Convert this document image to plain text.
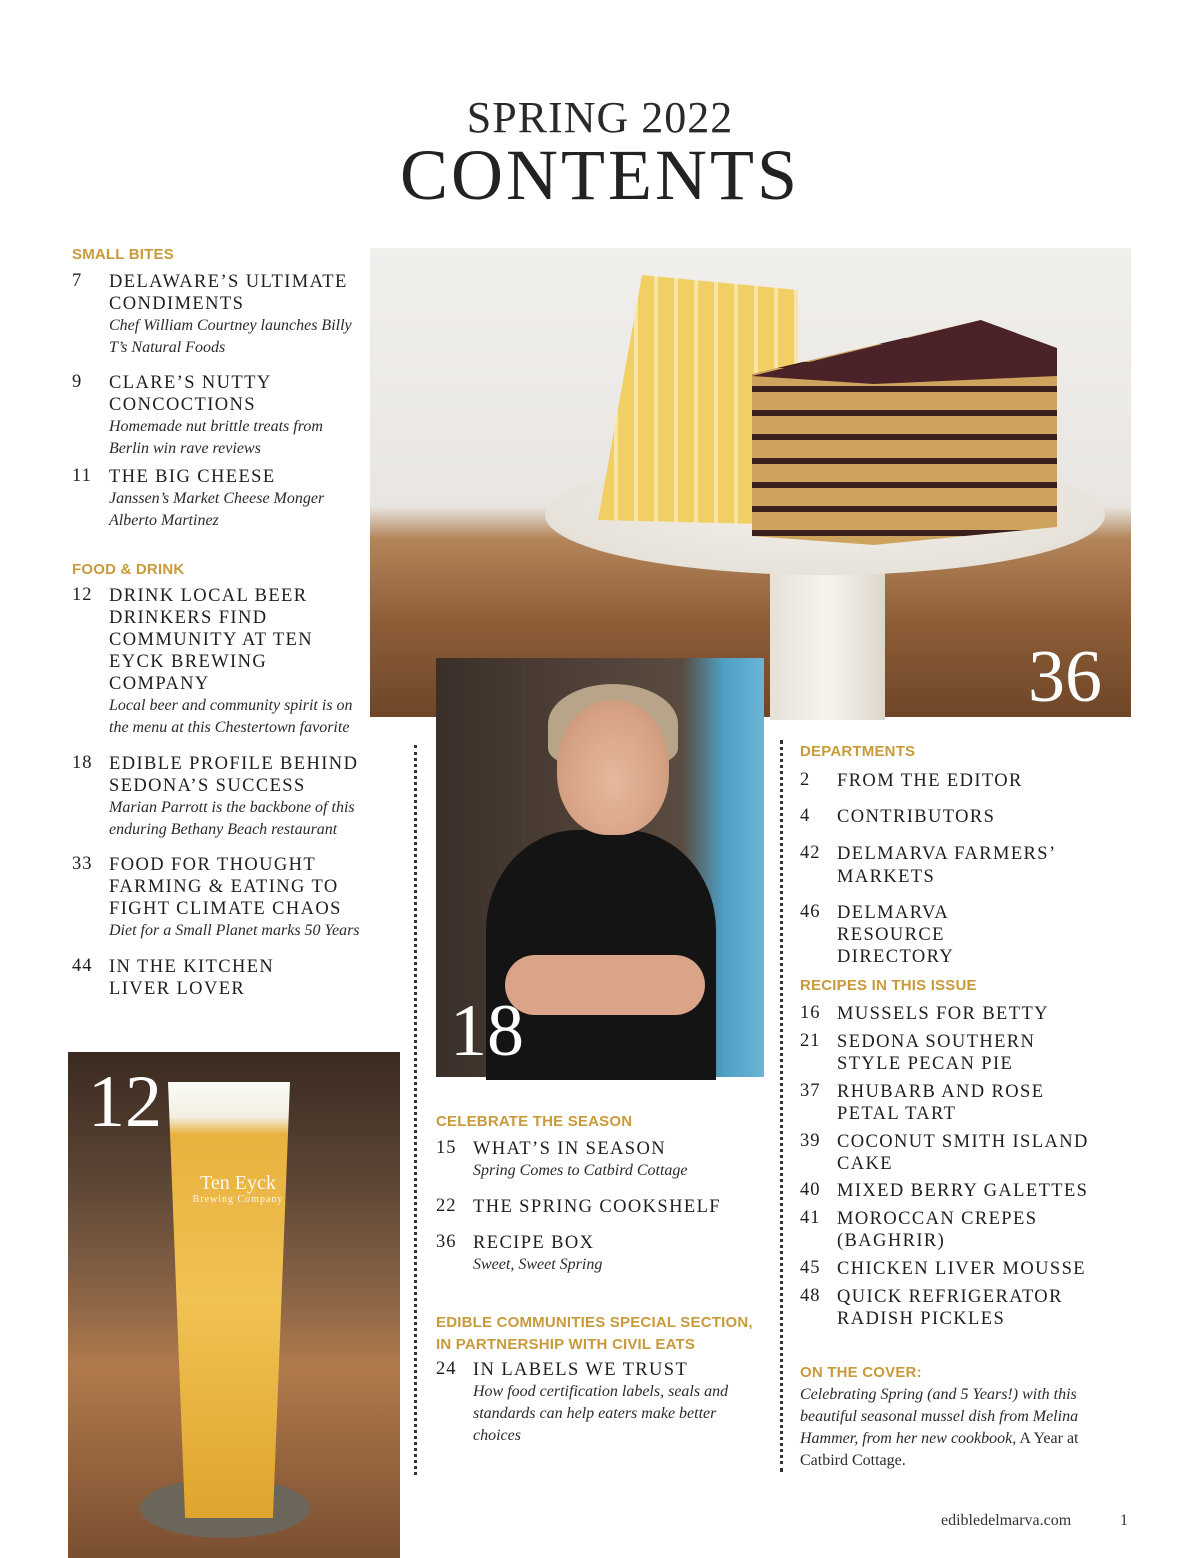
SPRING 2022
CONTENTS
36
18
Ten Eyck
Brewing Company
12
SMALL BITES
7 DELAWARE’S ULTIMATE CONDIMENTS
Chef William Courtney launches Billy T’s Natural Foods
9 CLARE’S NUTTY CONCOCTIONS
Homemade nut brittle treats from Berlin win rave reviews
11 THE BIG CHEESE
Janssen’s Market Cheese Monger Alberto Martinez
FOOD & DRINK
12 DRINK LOCAL BEER DRINKERS FIND COMMUNITY AT TEN EYCK BREWING COMPANY
Local beer and community spirit is on the menu at this Chestertown favorite
18 EDIBLE PROFILE BEHIND SEDONA’S SUCCESS
Marian Parrott is the backbone of this enduring Bethany Beach restaurant
33 FOOD FOR THOUGHT FARMING & EATING TO FIGHT CLIMATE CHAOS
Diet for a Small Planet marks 50 Years
44 IN THE KITCHEN LIVER LOVER
CELEBRATE THE SEASON
15 WHAT’S IN SEASON
Spring Comes to Catbird Cottage
22 THE SPRING COOKSHELF
36 RECIPE BOX
Sweet, Sweet Spring
EDIBLE COMMUNITIES SPECIAL SECTION,
IN PARTNERSHIP WITH CIVIL EATS
24 IN LABELS WE TRUST
How food certification labels, seals and standards can help eaters make better choices
DEPARTMENTS
2 FROM THE EDITOR
4 CONTRIBUTORS
42 DELMARVA FARMERS’ MARKETS
46 DELMARVA RESOURCE DIRECTORY
RECIPES IN THIS ISSUE
16 MUSSELS FOR BETTY
21 SEDONA SOUTHERN STYLE PECAN PIE
37 RHUBARB AND ROSE PETAL TART
39 COCONUT SMITH ISLAND CAKE
40 MIXED BERRY GALETTES
41 MOROCCAN CREPES (BAGHRIR)
45 CHICKEN LIVER MOUSSE
48 QUICK REFRIGERATOR RADISH PICKLES
ON THE COVER:
Celebrating Spring (and 5 Years!) with this beautiful seasonal mussel dish from Melina Hammer, from her new cookbook, A Year at Catbird Cottage.
edibledelmarva.com	1
